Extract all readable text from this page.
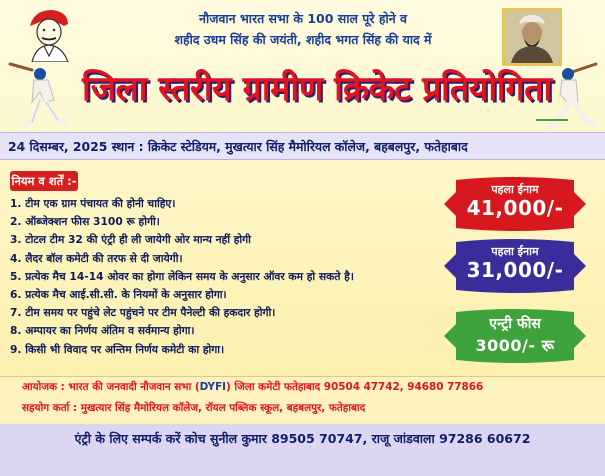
नौजवान भारत सभा के 100 साल पूरे होने व
शहीद उधम सिंह की जयंती, शहीद भगत सिंह की याद में
जिला स्तरीय ग्रामीण क्रिकेट प्रतियोगिता
24 दिसम्बर, 2025 स्थान : क्रिकेट स्टेडियम, मुखत्यार सिंह मैमोरियल कॉलेज, बहबलपुर, फतेहाबाद
नियम व शर्तें :-
1. टीम एक ग्राम पंचायत की होनी चाहिए।
2. ऑब्जेक्शन फीस 3100 रू होगी।
3. टोटल टीम 32 की एंट्री ही ली जायेगी ओर मान्य नहीं होगी
4. लैदर बॉल कमेटी की तरफ से दी जायेगी।
5. प्रत्येक मैच 14-14 ओवर का होगा लेकिन समय के अनुसार ऑवर कम हो सकते है।
6. प्रत्येक मैच आई.सी.सी. के नियमों के अनुसार होगा।
7. टीम समय पर पहुंचे लेट पहुंचने पर टीम पैनेल्टी की हकदार होगी।
8. अम्पायर का निर्णय अंतिम व सर्वमान्य होगा।
9. किसी भी विवाद पर अन्तिम निर्णय कमेटी का होगा।
पहला ईनाम
41,000/-
पहला ईनाम
31,000/-
एन्ट्री फीस
3000/- रू
आयोजक : भारत की जनवादी नौजवान सभा (DYFI) जिला कमेटी फतेहाबाद 90504 47742, 94680 77866
सहयोग कर्ता : मुखत्यार सिंह मैमोरियल कॉलेज, रॉयल पब्लिक स्कूल, बहबलपुर, फतेहाबाद
एंट्री के लिए सम्पर्क करें कोच सुनील कुमार 89505 70747, राजू जांडवाला 97286 60672
